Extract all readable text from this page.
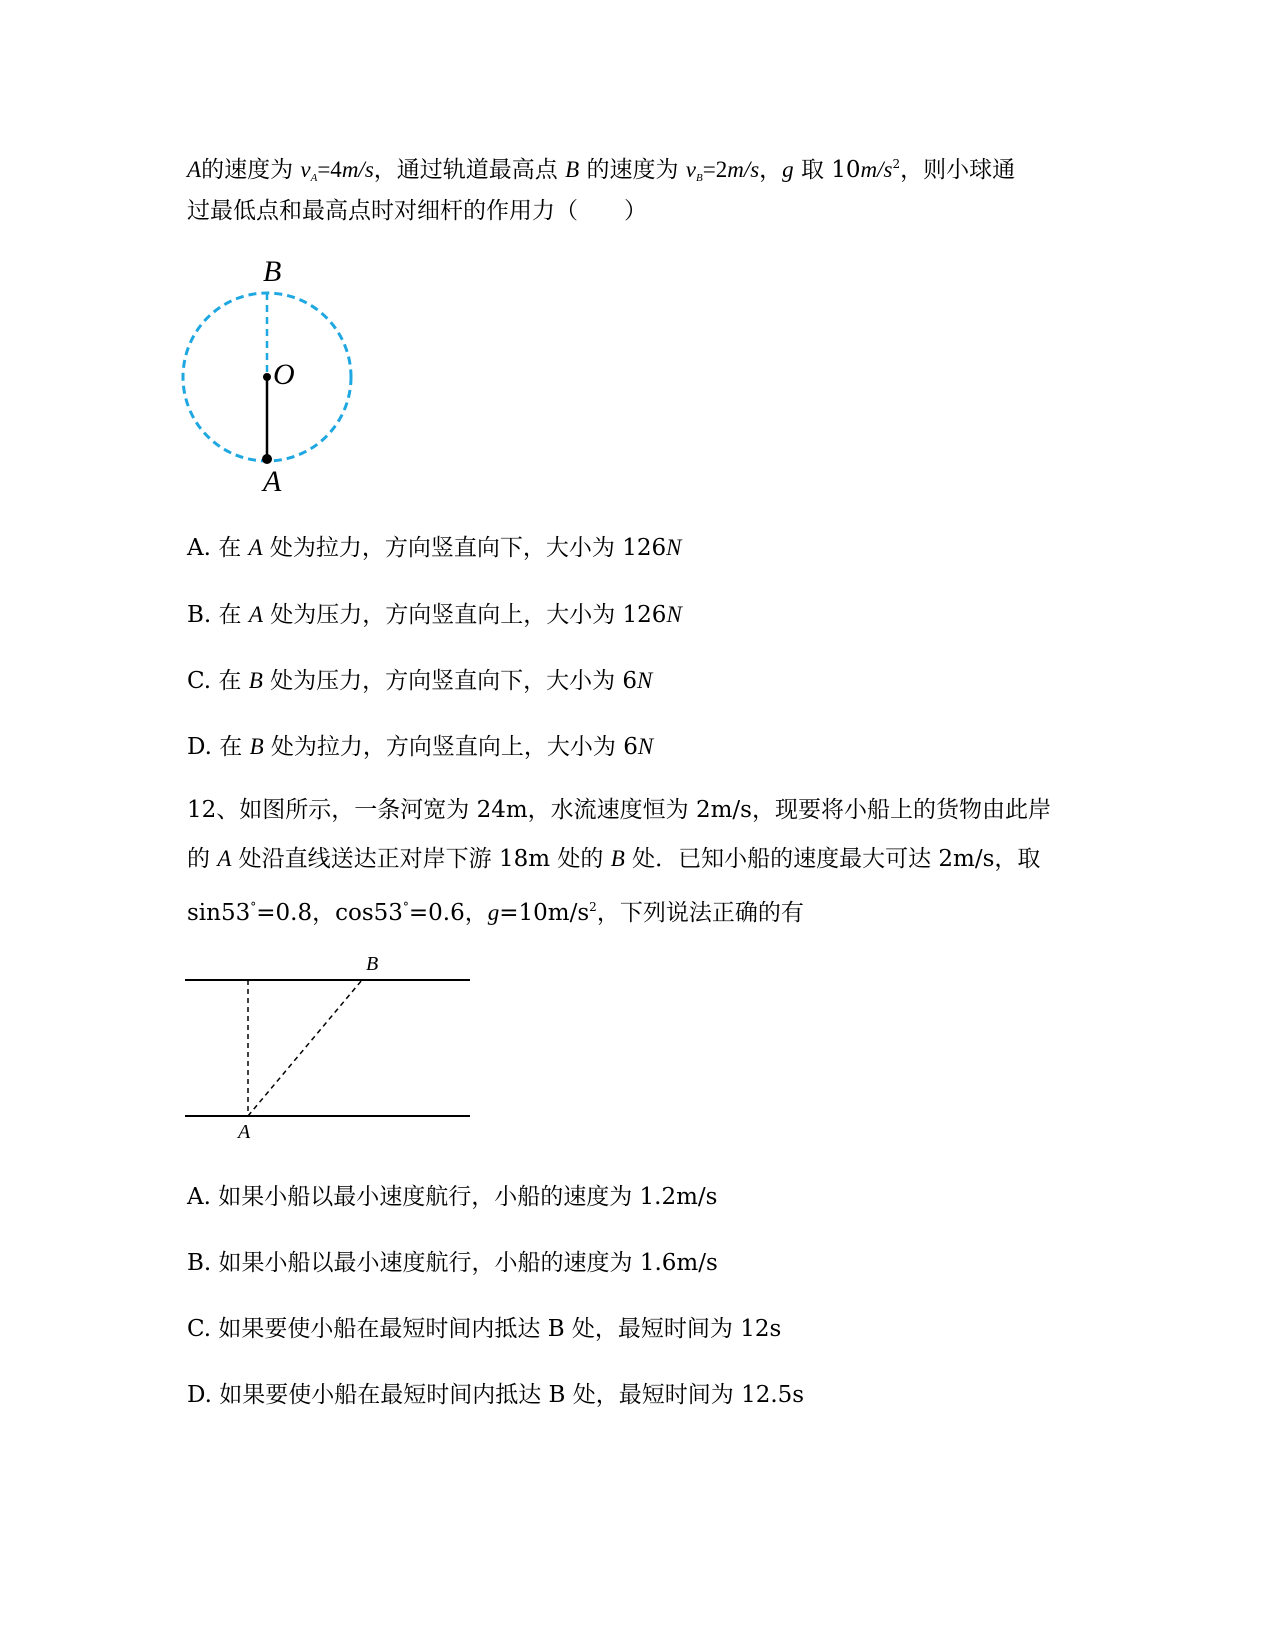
A的速度为 $v_A=4m/s$，通过轨道最高点 B 的速度为 $v_B=2m/s$，g 取 $10m/s^2$，则小球通

过最低点和最高点时对细杆的作用力（　　）

B
O
A

A. 在 A 处为拉力，方向竖直向下，大小为 126N

B. 在 A 处为压力，方向竖直向上，大小为 126N

C. 在 B 处为压力，方向竖直向下，大小为 6N

D. 在 B 处为拉力，方向竖直向上，大小为 6N

12、如图所示，一条河宽为 24m，水流速度恒为 2m/s，现要将小船上的货物由此岸

的 A 处沿直线送达正对岸下游 18m 处的 B 处．已知小船的速度最大可达 2m/s，取

sin53°=0.8，cos53°=0.6，$g=10m/s^2$，下列说法正确的有

B
A

A. 如果小船以最小速度航行，小船的速度为 1.2m/s

B. 如果小船以最小速度航行，小船的速度为 1.6m/s

C. 如果要使小船在最短时间内抵达 B 处，最短时间为 12s

D. 如果要使小船在最短时间内抵达 B 处，最短时间为 12.5s
